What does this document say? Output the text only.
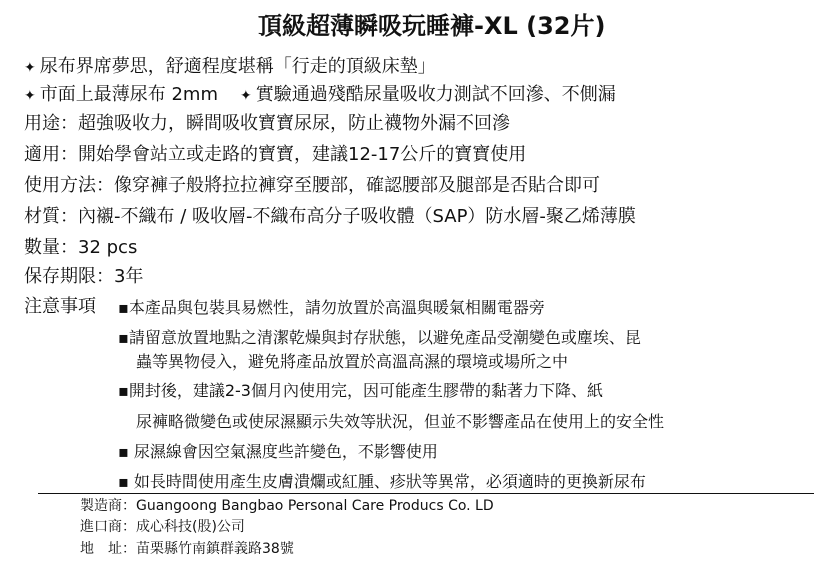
頂級超薄瞬吸玩睡褲-XL (32片)
✦ 尿布界席夢思，舒適程度堪稱「行走的頂級床墊」
✦ 市面上最薄尿布 2mm ✦ 實驗通過殘酷尿量吸收力測試不回滲、不側漏
用途：超強吸收力，瞬間吸收寶寶尿尿，防止襪物外漏不回滲
適用：開始學會站立或走路的寶寶，建議12-17公斤的寶寶使用
使用方法：像穿褲子般將拉拉褲穿至腰部，確認腰部及腿部是否貼合即可
材質：內襯-不織布 / 吸收層-不織布高分子吸收體（SAP）防水層-聚乙烯薄膜
數量：32 pcs
保存期限：3年
注意事項 ▪本產品與包裝具易燃性，請勿放置於高溫與暖氣相關電器旁
▪請留意放置地點之清潔乾燥與封存狀態，以避免產品受潮變色或塵埃、昆
蟲等異物侵入，避免將產品放置於高溫高濕的環境或場所之中
▪開封後，建議2-3個月內使用完，因可能產生膠帶的黏著力下降、紙
尿褲略微變色或使尿濕顯示失效等狀況，但並不影響產品在使用上的安全性
▪ 尿濕線會因空氣濕度些許變色，不影響使用
▪ 如長時間使用產生皮膚潰爛或紅腫、疹狀等異常，必須適時的更換新尿布
製造商：Guangoong Bangbao Personal Care Producs Co. LD
進口商：成心科技(股)公司
地　址：苗栗縣竹南鎮群義路38號
